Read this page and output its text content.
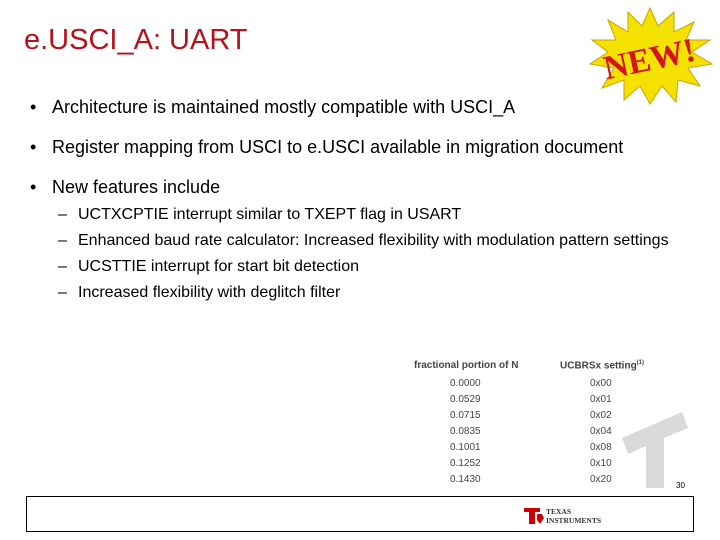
e.USCI_A: UART	NEW!
• Architecture is maintained mostly compatible with USCI_A
• Register mapping from USCI to e.USCI available in migration document
• New features include
– UCTXCPTIE interrupt similar to TXEPT flag in USART
– Enhanced baud rate calculator: Increased flexibility with modulation pattern settings
– UCSTTIE interrupt for start bit detection
– Increased flexibility with deglitch filter
fractional portion of N	UCBRSx setting$^{(1)}$
0.0000
0.0529
0.0715
0.0835
0.1001
0.1252
0.1430
0x00
0x01
0x02
0x04
0x08
0x10
0x20
30
TEXAS
INSTRUMENTS
